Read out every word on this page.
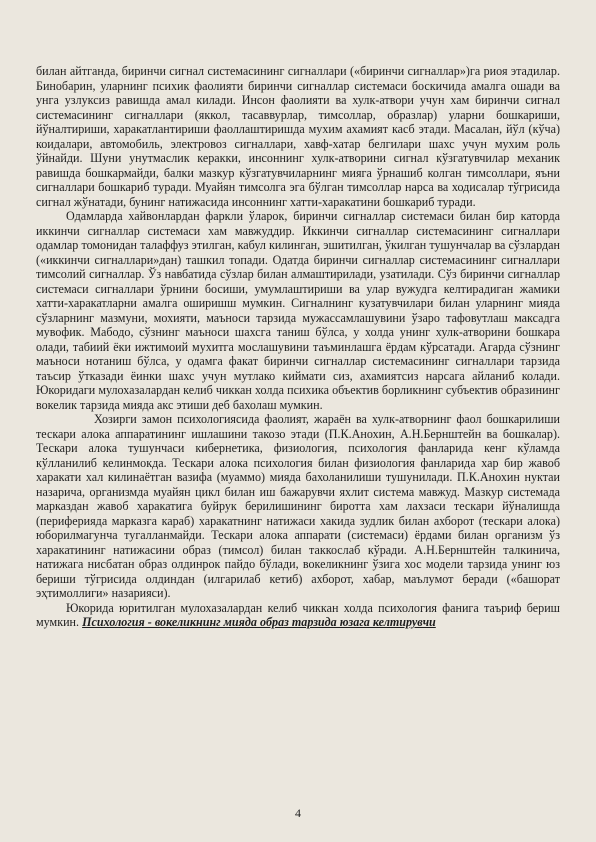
билан айтганда, биринчи сигнал системасининг сигналлари («биринчи сигналлар»)га риоя этадилар. Бинобарин, уларнинг психик фаолияти биринчи сигналлар системаси боскичида амалга ошади ва унга узлуксиз равишда амал килади. Инсон фаолияти ва хулк-атвори учун хам биринчи сигнал системасининг сигналлари (яккол, тасаввурлар, тимсоллар, образлар) уларни бошкариши, йўналтириши, харакатлантириши фаоллаштиришда мухим ахамият касб этади. Масалан, йўл (кўча) коидалари, автомобиль, электровоз сигналлари, хавф-хатар белгилари шахс учун мухим роль ўйнайди. Шуни унутмаслик керакки, инсоннинг хулк-атворини сигнал кўзгатувчилар механик равишда бошкармайди, балки мазкур кўзгатувчиларнинг мияга ўрнашиб колган тимсоллари, яъни сигналлари бошкариб туради. Муайян тимсолга эга бўлган тимсоллар нарса ва ходисалар тўгрисида сигнал жўнатади, бунинг натижасида инсоннинг хатти-харакатини бошкариб туради.

Одамларда хайвонлардан фаркли ўларок, биринчи сигналлар системаси билан бир каторда иккинчи сигналлар системаси хам мавжуддир. Иккинчи сигналлар системасининг сигналлари одамлар томонидан талаффуз этилган, кабул килинган, эшитилган, ўкилган тушунчалар ва сўзлардан («иккинчи сигналлари»дан) ташкил топади. Одатда биринчи сигналлар системасининг сигналлари тимсолий сигналлар. Ўз навбатида сўзлар билан алмаштирилади, узатилади. Сўз биринчи сигналлар системаси сигналлари ўрнини босиши, умумлаштириши ва улар вужудга келтирадиган жамики хатти-харакатларни амалга оширишш мумкин. Сигналнинг кузатувчилари билан уларнинг мияда сўзларнинг мазмуни, мохияти, маъноси тарзида мужассамлашувини ўзаро тафовутлаш максадга мувофик. Мабодо, сўзнинг маъноси шахсга таниш бўлса, у холда унинг хулк-атворини бошкара олади, табиий ёки ижтимоий мухитга мослашувини таъминлашга ёрдам кўрсатади. Агарда сўзнинг маъноси нотаниш бўлса, у одамга факат биринчи сигналлар системасининг сигналлари тарзида таъсир ўтказади ёинки шахс учун мутлако киймати сиз, ахамиятсиз нарсага айланиб колади. Юкоридаги мулохазалардан келиб чиккан холда психика объектив борликнинг субъектив образининг вокелик тарзида мияда акс этиши деб бахолаш мумкин.

Хозирги замон психологиясида фаолият, жараён ва хулк-атворнинг фаол бошкарилиши тескари алока аппаратининг ишлашини такозо этади (П.К.Анохин, А.Н.Бернштейн ва бошкалар). Тескари алока тушунчаси кибернетика, физиология, психология фанларида кенг кўламда кўлланилиб келинмокда. Тескари алока психология билан физиология фанларида хар бир жавоб харакати хал килинаётган вазифа (муаммо) мияда бахоланилиши тушунилади. П.К.Анохин нуктаи назарича, организмда муайян цикл билан иш бажарувчи яхлит система мавжуд. Мазкур системада марказдан жавоб харакатига буйрук берилишининг биротта хам лахзаси тескари йўналишда (периферияда марказга караб) харакатнинг натижаси хакида зудлик билан ахборот (тескари алока) юборилмагунча тугалланмайди. Тескари алока аппарати (системаси) ёрдами билан организм ўз харакатининг натижасини образ (тимсол) билан таккослаб кўради. А.Н.Бернштейн талкинича, натижага нисбатан образ олдинрок пайдо бўлади, вокеликнинг ўзига хос модели тарзида унинг юз бериши тўгрисида олдиндан (илгарилаб кетиб) ахборот, хабар, маълумот беради («башорат эҳтимоллиги» назарияси).

Юкорида юритилган мулохазалардан келиб чиккан холда психология фанига таъриф бериш мумкин. Психология - вокеликнинг мияда образ тарзида юзага келтирувчи

4
